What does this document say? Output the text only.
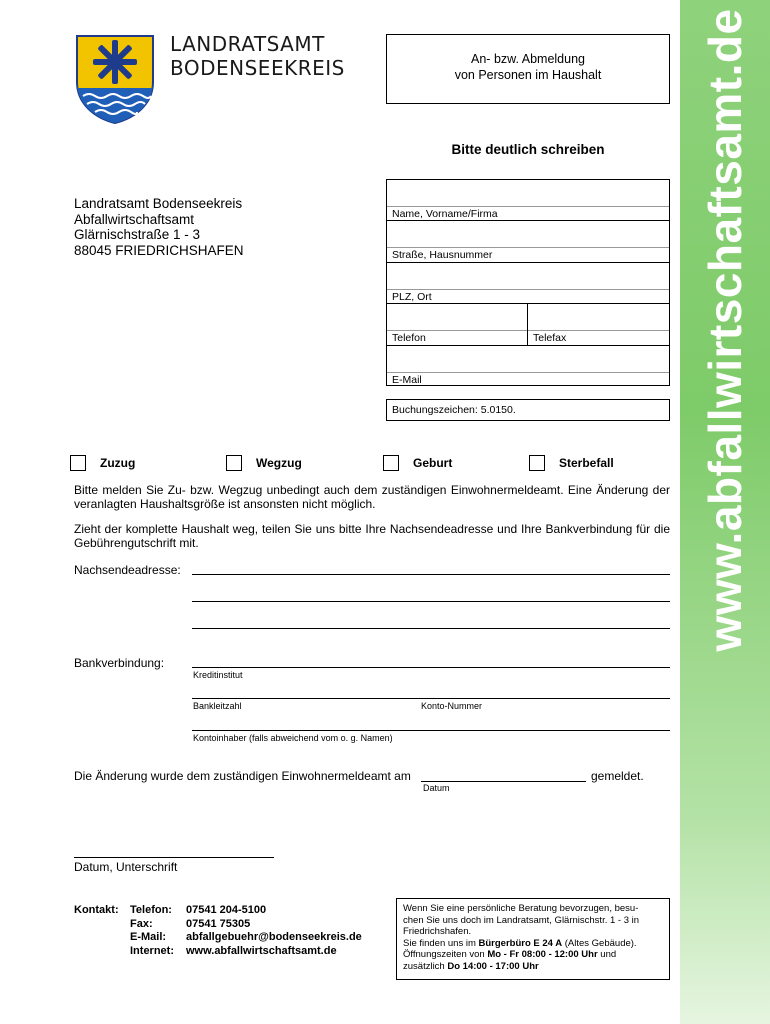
www.abfallwirtschaftsamt.de
LANDRATSAMT
BODENSEEKREIS	An- bzw. Abmeldung
von Personen im Haushalt
Bitte deutlich schreiben
Landratsamt Bodenseekreis
Abfallwirtschaftsamt
Glärnischstraße 1 - 3
88045 FRIEDRICHSHAFEN
Name, Vorname/Firma
Straße, Hausnummer
PLZ, Ort
Telefon	Telefax
E-Mail
Buchungszeichen: 5.0150.
Zuzug	Wegzug	Geburt	Sterbefall
Bitte melden Sie Zu- bzw. Wegzug unbedingt auch dem zuständigen Einwohnermeldeamt. Eine Änderung der veranlagten Haushaltsgröße ist ansonsten nicht möglich.
Zieht der komplette Haushalt weg, teilen Sie uns bitte Ihre Nachsendeadresse und Ihre Bankverbindung für die Gebührengutschrift mit.
Nachsendeadresse:
Bankverbindung:
Kreditinstitut
Bankleitzahl	Konto-Nummer
Kontoinhaber (falls abweichend vom o. g. Namen)
Die Änderung wurde dem zuständigen Einwohnermeldeamt am	gemeldet.
Datum
Datum, Unterschrift
Kontakt:	Telefon:	07541 204-5100
	Fax:	07541 75305
	E-Mail:	abfallgebuehr@bodenseekreis.de
	Internet:	www.abfallwirtschaftsamt.de
Wenn Sie eine persönliche Beratung bevorzugen, besu-
chen Sie uns doch im Landratsamt, Glärnischstr. 1 - 3 in
Friedrichshafen.
Sie finden uns im Bürgerbüro E 24 A (Altes Gebäude).
Öffnungszeiten von Mo - Fr 08:00 - 12:00 Uhr und
zusätzlich Do 14:00 - 17:00 Uhr
